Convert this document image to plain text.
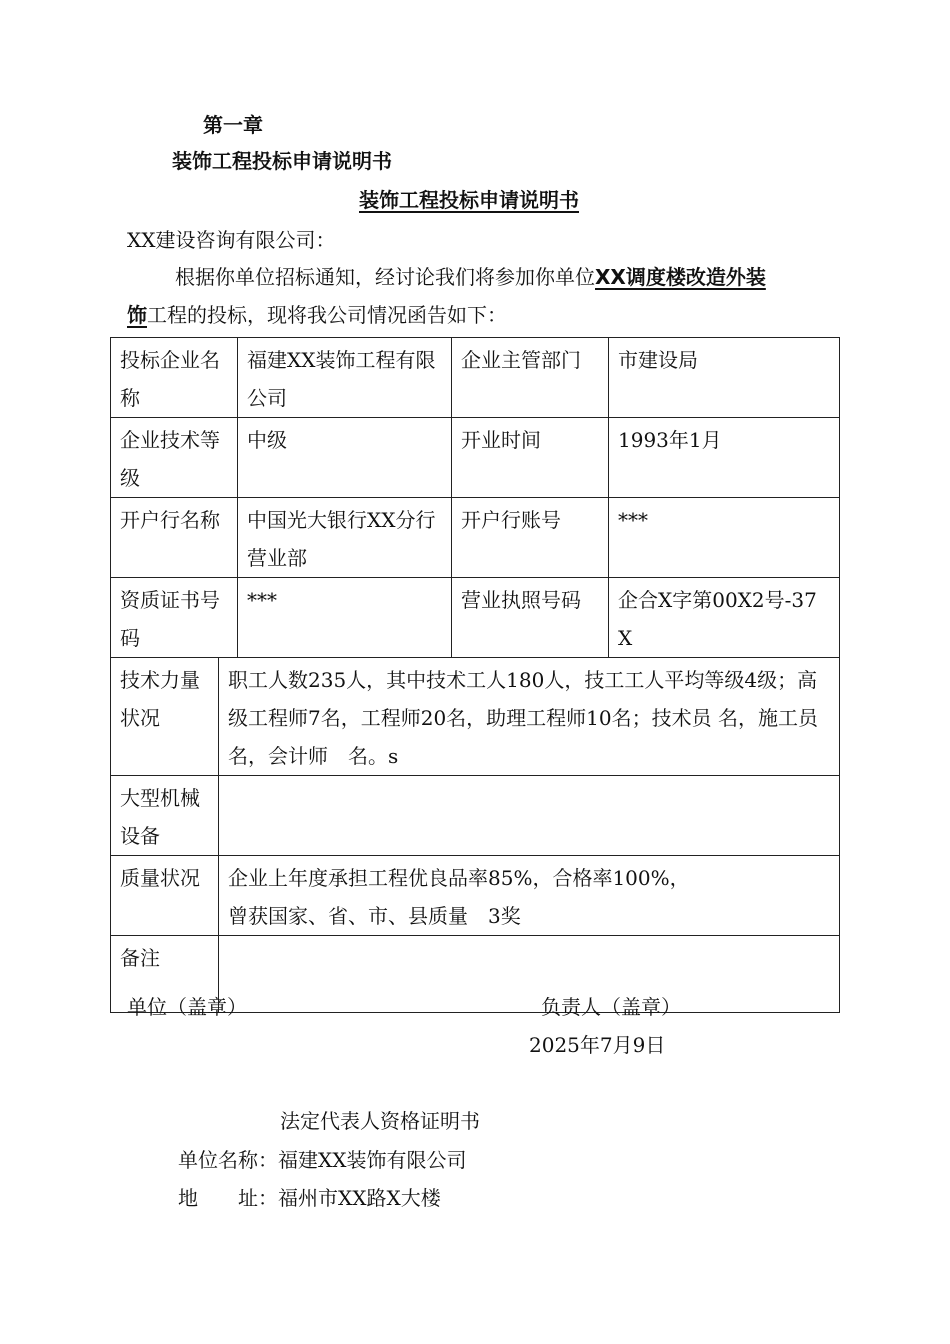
第一章
装饰工程投标申请说明书
装饰工程投标申请说明书
XX建设咨询有限公司：
根据你单位招标通知，经讨论我们将参加你单位XX调度楼改造外装
饰工程的投标，现将我公司情况函告如下：
投标企业名称		福建XX装饰工程有限公司	企业主管部门	市建设局
企业技术等级		中级	开业时间	1993年1月
开户行名称		中国光大银行XX分行营业部	开户行账号	***
资质证书号码		***	营业执照号码	企合X字第00X2号-37X
技术力量状况	职工人数235人，其中技术工人180人，技工工人平均等级4级；高级工程师7名，工程师20名，助理工程师10名；技术员 名，施工员　名，会计师　名。s			
大型机械设备				
质量状况	企业上年度承担工程优良品率85%，合格率100%，
曾获国家、省、市、县质量　3奖			

备注				
单位（盖章）	负责人（盖章）
2025年7月9日
法定代表人资格证明书
单位名称：福建XX装饰有限公司
地　　址：福州市XX路X大楼
